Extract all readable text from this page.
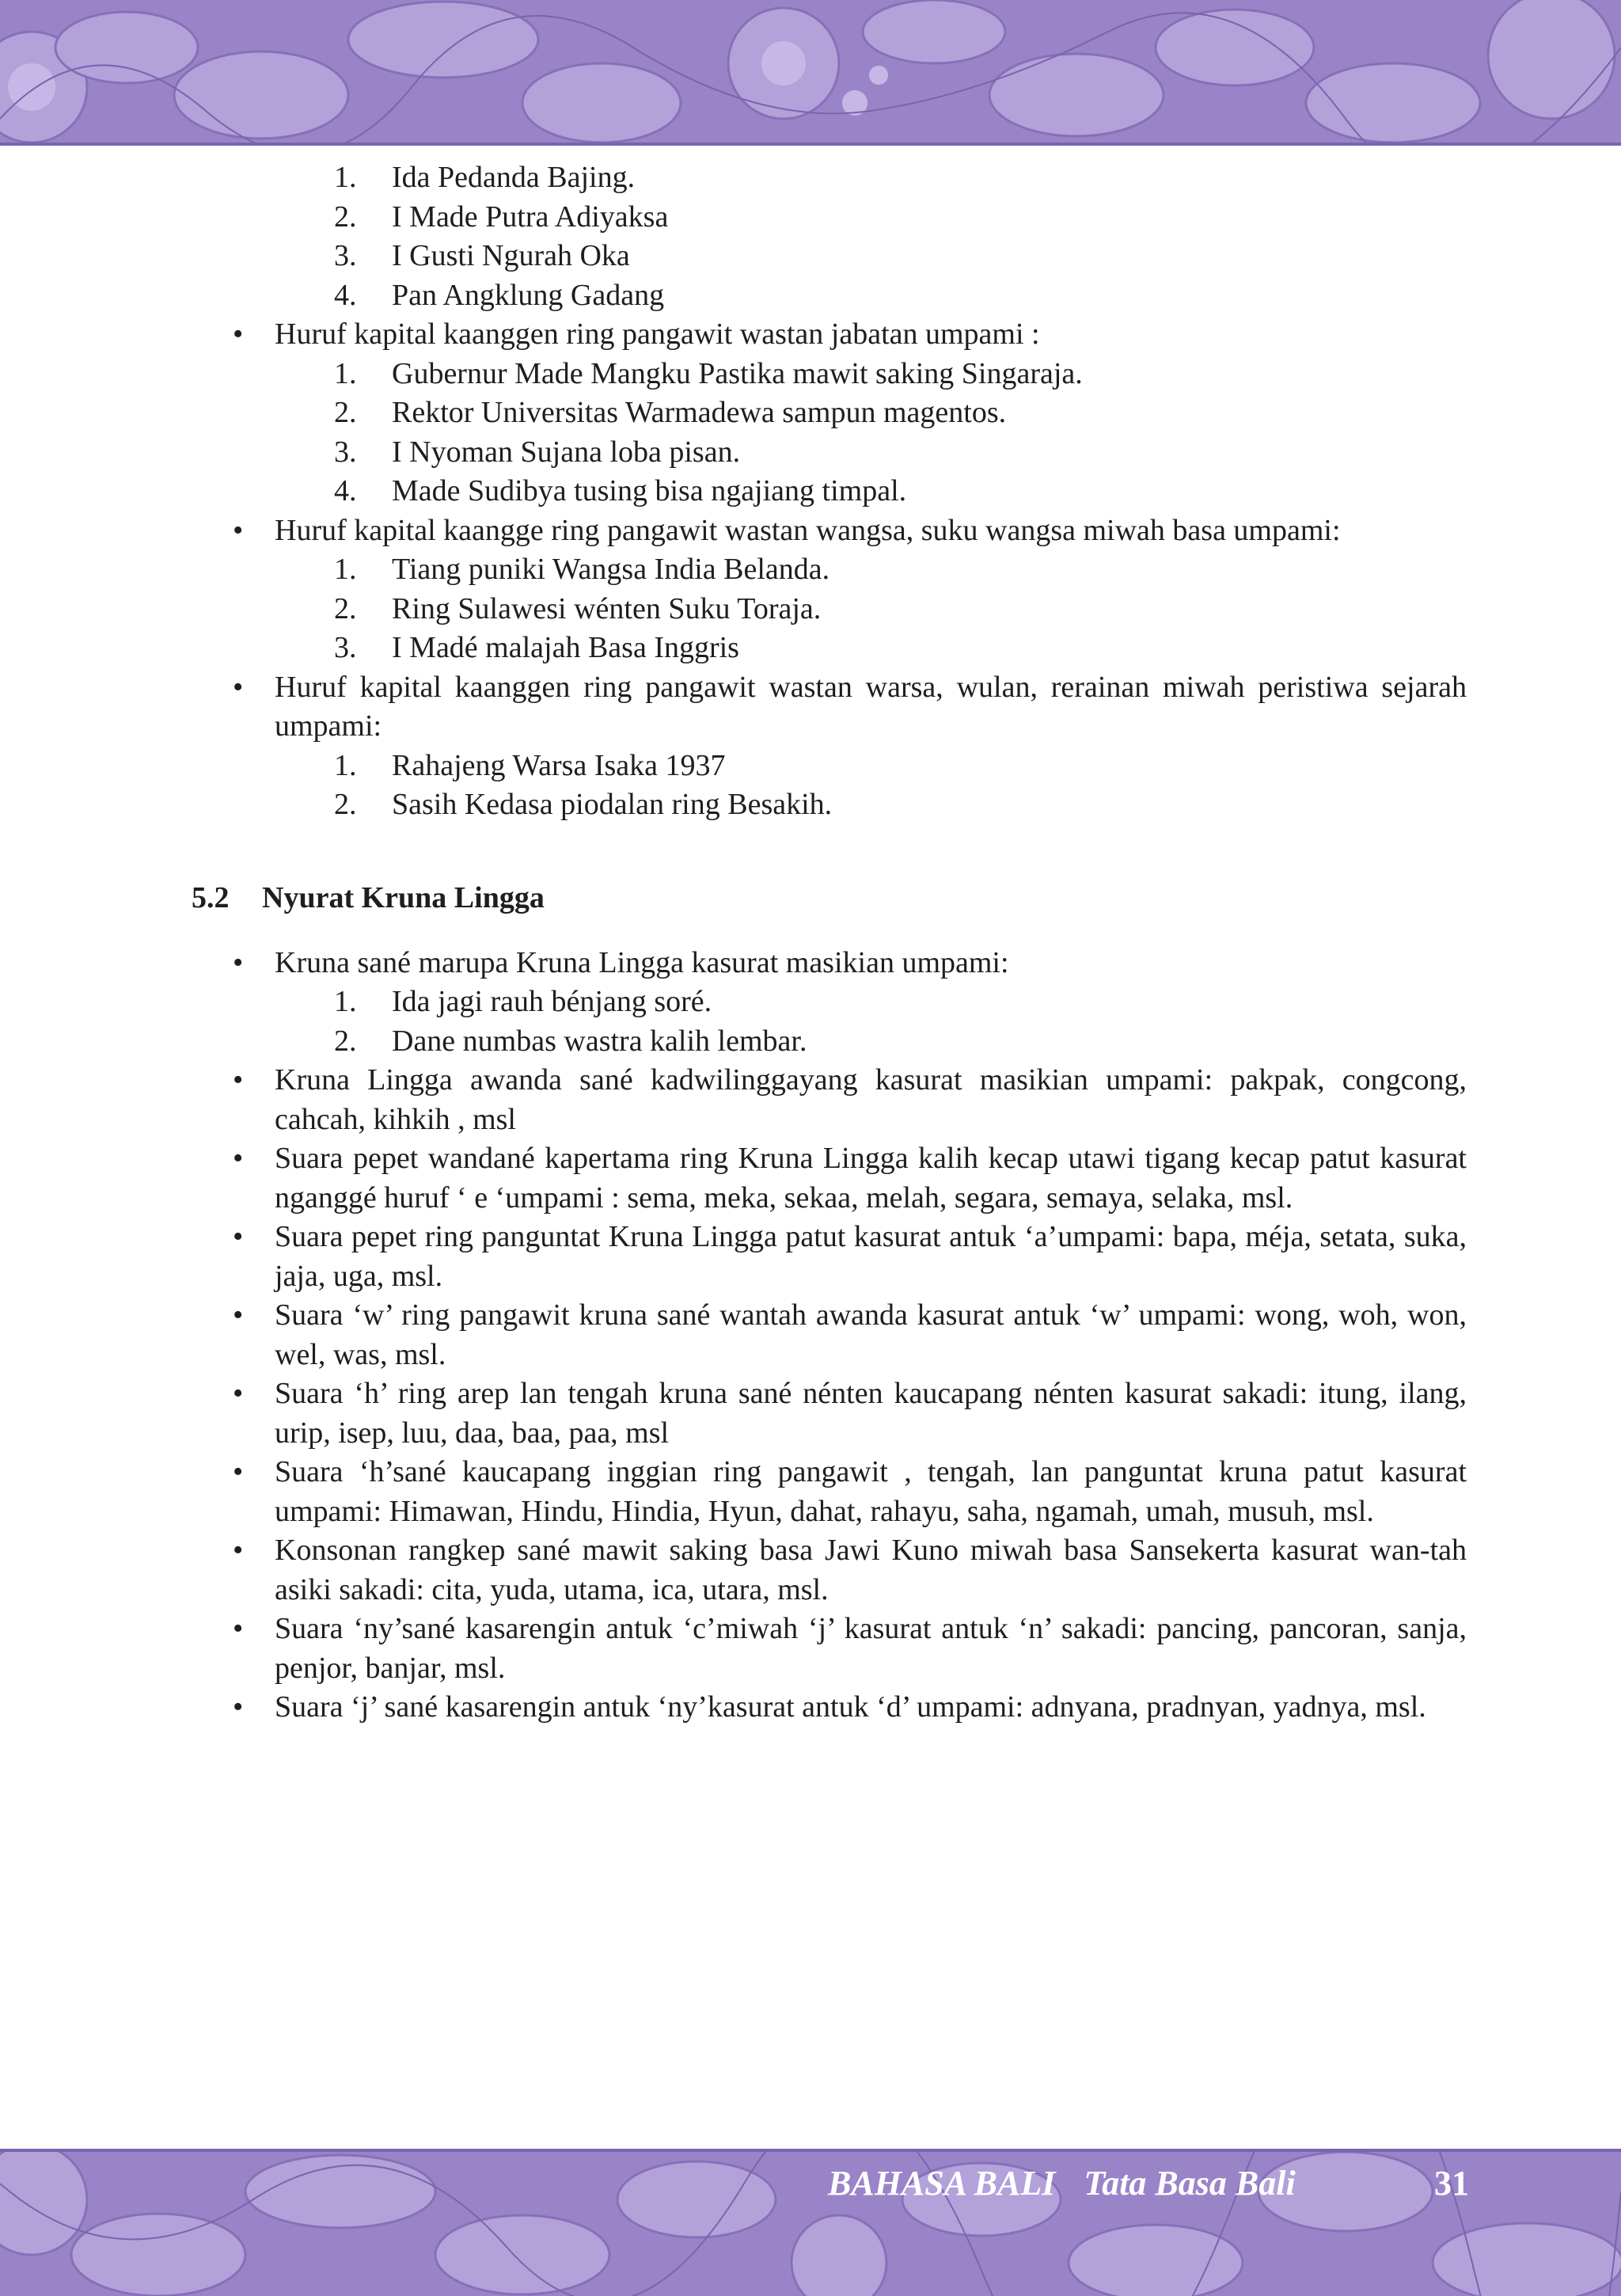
1.	Ida Pedanda Bajing.
2.	I Made Putra Adiyaksa
3.	I Gusti Ngurah Oka
4.	Pan Angklung Gadang
• Huruf kapital kaanggen ring pangawit wastan jabatan umpami :
1.	Gubernur Made Mangku Pastika mawit saking Singaraja.
2.	Rektor Universitas Warmadewa sampun magentos.
3.	I Nyoman Sujana loba pisan.
4.	Made Sudibya tusing bisa ngajiang timpal.
• Huruf kapital kaangge ring pangawit wastan wangsa, suku wangsa miwah basa umpami:
1.	Tiang puniki Wangsa India Belanda.
2.	Ring Sulawesi wénten Suku Toraja.
3.	I Madé malajah Basa Inggris
• Huruf kapital kaanggen ring pangawit wastan warsa, wulan, rerainan miwah peristiwa sejarah umpami:
1.	Rahajeng Warsa Isaka 1937
2.	Sasih Kedasa piodalan ring Besakih.
5.2 Nyurat Kruna Lingga
• Kruna sané marupa Kruna Lingga kasurat masikian umpami:
1.	Ida jagi rauh bénjang soré.
2.	Dane numbas wastra kalih lembar.
• Kruna Lingga awanda sané kadwilinggayang kasurat masikian umpami: pakpak, congcong, cahcah, kihkih , msl
• Suara pepet wandané kapertama ring Kruna Lingga kalih kecap utawi tigang kecap patut kasurat nganggé huruf ‘ e ‘umpami : sema, meka, sekaa, melah, segara, semaya, selaka, msl.
• Suara pepet ring panguntat Kruna Lingga patut kasurat antuk ‘a’umpami: bapa, méja, setata, suka, jaja, uga, msl.
• Suara ‘w’ ring pangawit kruna sané wantah awanda kasurat antuk ‘w’ umpami: wong, woh, won, wel, was, msl.
• Suara ‘h’ ring arep lan tengah kruna sané nénten kaucapang nénten kasurat sakadi: itung, ilang, urip, isep, luu, daa, baa, paa, msl
• Suara ‘h’sané kaucapang inggian ring pangawit , tengah, lan panguntat kruna patut kasurat umpami: Himawan, Hindu, Hindia, Hyun, dahat, rahayu, saha, ngamah, umah, musuh, msl.
• Konsonan rangkep sané mawit saking basa Jawi Kuno miwah basa Sansekerta kasurat wan-tah asiki sakadi: cita, yuda, utama, ica, utara, msl.
• Suara ‘ny’sané kasarengin antuk ‘c’miwah ‘j’ kasurat antuk ‘n’ sakadi: pancing, pancoran, sanja, penjor, banjar, msl.
• Suara ‘j’ sané kasarengin antuk ‘ny’kasurat antuk ‘d’ umpami: adnyana, pradnyan, yadnya, msl.
BAHASA BALI Tata Basa Bali	31
